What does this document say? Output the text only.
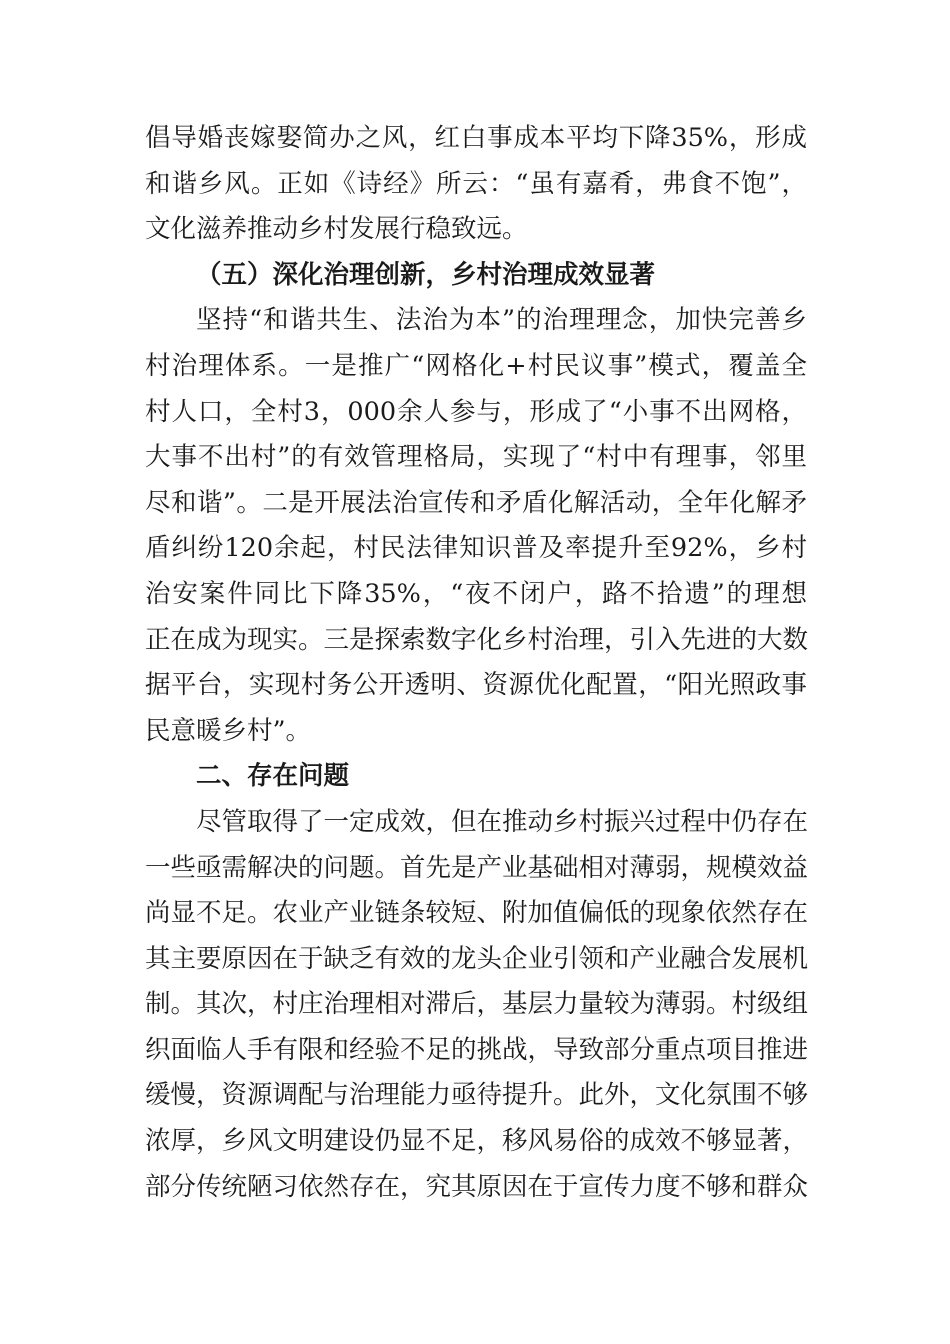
倡导婚丧嫁娶简办之风，红白事成本平均下降35%，形成
和谐乡风。正如《诗经》所云：“虽有嘉肴，弗食不饱”，
文化滋养推动乡村发展行稳致远。
（五）深化治理创新，乡村治理成效显著
坚持“和谐共生、法治为本”的治理理念，加快完善乡
村治理体系。一是推广“网格化+村民议事”模式，覆盖全
村人口，全村3，000余人参与，形成了“小事不出网格，
大事不出村”的有效管理格局，实现了“村中有理事，邻里
尽和谐”。二是开展法治宣传和矛盾化解活动，全年化解矛
盾纠纷120余起，村民法律知识普及率提升至92%，乡村
治安案件同比下降35%，“夜不闭户，路不拾遗”的理想
正在成为现实。三是探索数字化乡村治理，引入先进的大数
据平台，实现村务公开透明、资源优化配置，“阳光照政事
民意暖乡村”。
二、存在问题
尽管取得了一定成效，但在推动乡村振兴过程中仍存在
一些亟需解决的问题。首先是产业基础相对薄弱，规模效益
尚显不足。农业产业链条较短、附加值偏低的现象依然存在
其主要原因在于缺乏有效的龙头企业引领和产业融合发展机
制。其次，村庄治理相对滞后，基层力量较为薄弱。村级组
织面临人手有限和经验不足的挑战，导致部分重点项目推进
缓慢，资源调配与治理能力亟待提升。此外，文化氛围不够
浓厚，乡风文明建设仍显不足，移风易俗的成效不够显著，
部分传统陋习依然存在，究其原因在于宣传力度不够和群众
